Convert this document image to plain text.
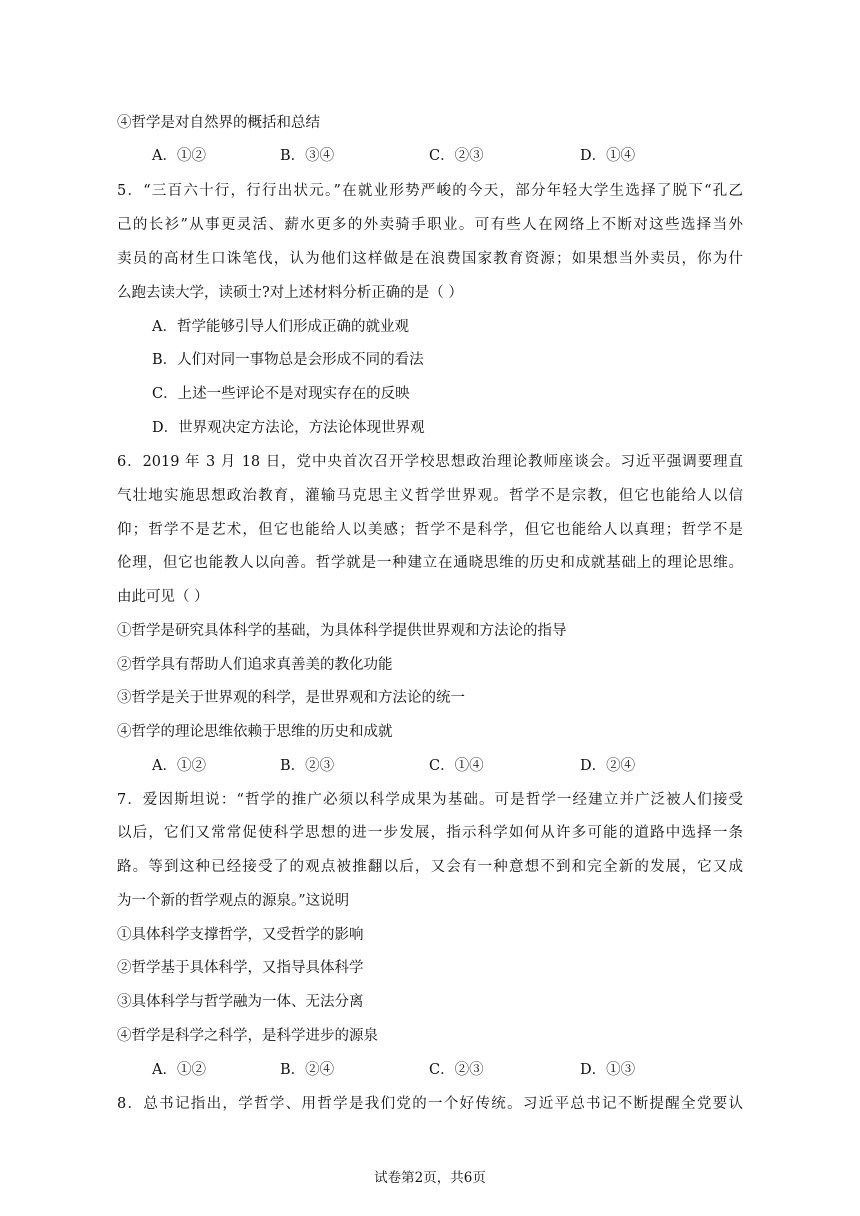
④哲学是对自然界的概括和总结
A．①②	B．③④	C．②③	D．①④
5．“三百六十行，行行出状元。”在就业形势严峻的今天，部分年轻大学生选择了脱下“孔乙
己的长衫”从事更灵活、薪水更多的外卖骑手职业。可有些人在网络上不断对这些选择当外
卖员的高材生口诛笔伐，认为他们这样做是在浪费国家教育资源；如果想当外卖员，你为什
么跑去读大学，读硕士?对上述材料分析正确的是（ ）
A．哲学能够引导人们形成正确的就业观
B．人们对同一事物总是会形成不同的看法
C．上述一些评论不是对现实存在的反映
D．世界观决定方法论，方法论体现世界观
6．2019 年 3 月 18 日，党中央首次召开学校思想政治理论教师座谈会。习近平强调要理直
气壮地实施思想政治教育，灌输马克思主义哲学世界观。哲学不是宗教，但它也能给人以信
仰；哲学不是艺术，但它也能给人以美感；哲学不是科学，但它也能给人以真理；哲学不是
伦理，但它也能教人以向善。哲学就是一种建立在通晓思维的历史和成就基础上的理论思维。
由此可见（ ）
①哲学是研究具体科学的基础，为具体科学提供世界观和方法论的指导
②哲学具有帮助人们追求真善美的教化功能
③哲学是关于世界观的科学，是世界观和方法论的统一
④哲学的理论思维依赖于思维的历史和成就
A．①②	B．②③	C．①④	D．②④
7．爱因斯坦说：“哲学的推广必须以科学成果为基础。可是哲学一经建立并广泛被人们接受
以后，它们又常常促使科学思想的进一步发展，指示科学如何从许多可能的道路中选择一条
路。等到这种已经接受了的观点被推翻以后，又会有一种意想不到和完全新的发展，它又成
为一个新的哲学观点的源泉。”这说明
①具体科学支撑哲学，又受哲学的影响
②哲学基于具体科学，又指导具体科学
③具体科学与哲学融为一体、无法分离
④哲学是科学之科学，是科学进步的源泉
A．①②	B．②④	C．②③	D．①③
8．总书记指出，学哲学、用哲学是我们党的一个好传统。习近平总书记不断提醒全党要认
试卷第2页，共6页
